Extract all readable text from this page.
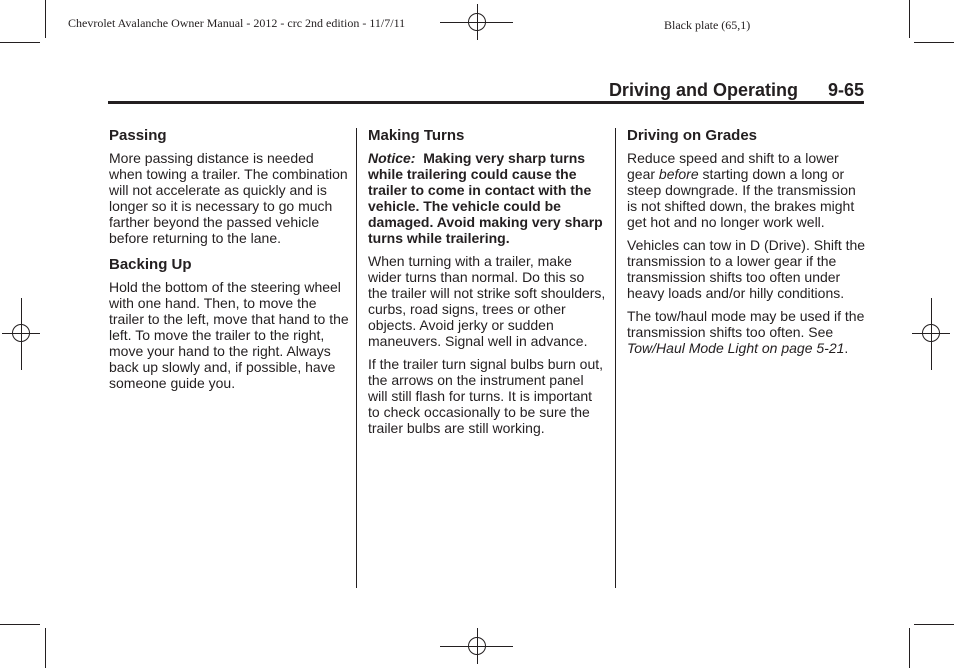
Chevrolet Avalanche Owner Manual - 2012 - crc 2nd edition - 11/7/11	Black plate (65,1)
Driving and Operating 9-65
Passing

More passing distance is needed when towing a trailer. The combination will not accelerate as quickly and is longer so it is necessary to go much farther beyond the passed vehicle before returning to the lane.

Backing Up

Hold the bottom of the steering wheel with one hand. Then, to move the trailer to the left, move that hand to the left. To move the trailer to the right, move your hand to the right. Always back up slowly and, if possible, have someone guide you.

Making Turns

Notice: Making very sharp turns while trailering could cause the trailer to come in contact with the vehicle. The vehicle could be damaged. Avoid making very sharp turns while trailering.

When turning with a trailer, make wider turns than normal. Do this so the trailer will not strike soft shoulders, curbs, road signs, trees or other objects. Avoid jerky or sudden maneuvers. Signal well in advance.

If the trailer turn signal bulbs burn out, the arrows on the instrument panel will still flash for turns. It is important to check occasionally to be sure the trailer bulbs are still working.

Driving on Grades

Reduce speed and shift to a lower gear before starting down a long or steep downgrade. If the transmission is not shifted down, the brakes might get hot and no longer work well.

Vehicles can tow in D (Drive). Shift the transmission to a lower gear if the transmission shifts too often under heavy loads and/or hilly conditions.

The tow/haul mode may be used if the transmission shifts too often. See Tow/Haul Mode Light on page 5-21.
